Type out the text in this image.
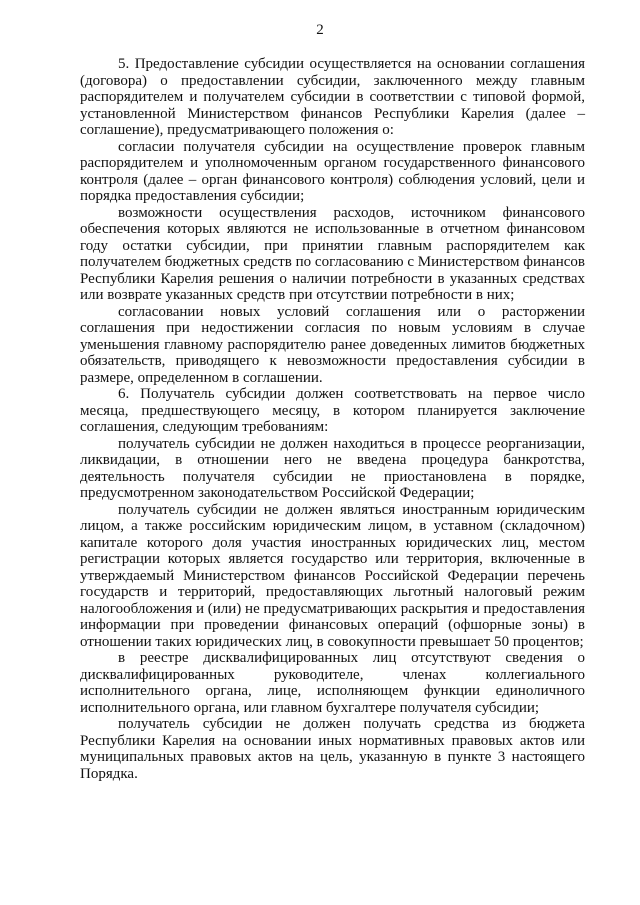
2

5. Предоставление субсидии осуществляется на основании соглашения (договора) о предоставлении субсидии, заключенного между главным распорядителем и получателем субсидии в соответствии с типовой формой, установленной Министерством финансов Республики Карелия (далее – соглашение), предусматривающего положения о:

согласии получателя субсидии на осуществление проверок главным распорядителем и уполномоченным органом государственного финансового контроля (далее – орган финансового контроля) соблюдения условий, цели и порядка предоставления субсидии;

возможности осуществления расходов, источником финансового обеспечения которых являются не использованные в отчетном финансовом году остатки субсидии, при принятии главным распорядителем как получателем бюджетных средств по согласованию с Министерством финансов Республики Карелия решения о наличии потребности в указанных средствах или возврате указанных средств при отсутствии потребности в них;

согласовании новых условий соглашения или о расторжении соглашения при недостижении согласия по новым условиям в случае уменьшения главному распорядителю ранее доведенных лимитов бюджетных обязательств, приводящего к невозможности предоставления субсидии в размере, определенном в соглашении.

6. Получатель субсидии должен соответствовать на первое число месяца, предшествующего месяцу, в котором планируется заключение соглашения, следующим требованиям:

получатель субсидии не должен находиться в процессе реорганизации, ликвидации, в отношении него не введена процедура банкротства, деятельность получателя субсидии не приостановлена в порядке, предусмотренном законодательством Российской Федерации;

получатель субсидии не должен являться иностранным юридическим лицом, а также российским юридическим лицом, в уставном (складочном) капитале которого доля участия иностранных юридических лиц, местом регистрации которых является государство или территория, включенные в утверждаемый Министерством финансов Российской Федерации перечень государств и территорий, предоставляющих льготный налоговый режим налогообложения и (или) не предусматривающих раскрытия и предоставления информации при проведении финансовых операций (офшорные зоны) в отношении таких юридических лиц, в совокупности превышает 50 процентов;

в реестре дисквалифицированных лиц отсутствуют сведения о дисквалифицированных руководителе, членах коллегиального исполнительного органа, лице, исполняющем функции единоличного исполнительного органа, или главном бухгалтере получателя субсидии;

получатель субсидии не должен получать средства из бюджета Республики Карелия на основании иных нормативных правовых актов или муниципальных правовых актов на цель, указанную в пункте 3 настоящего Порядка.
